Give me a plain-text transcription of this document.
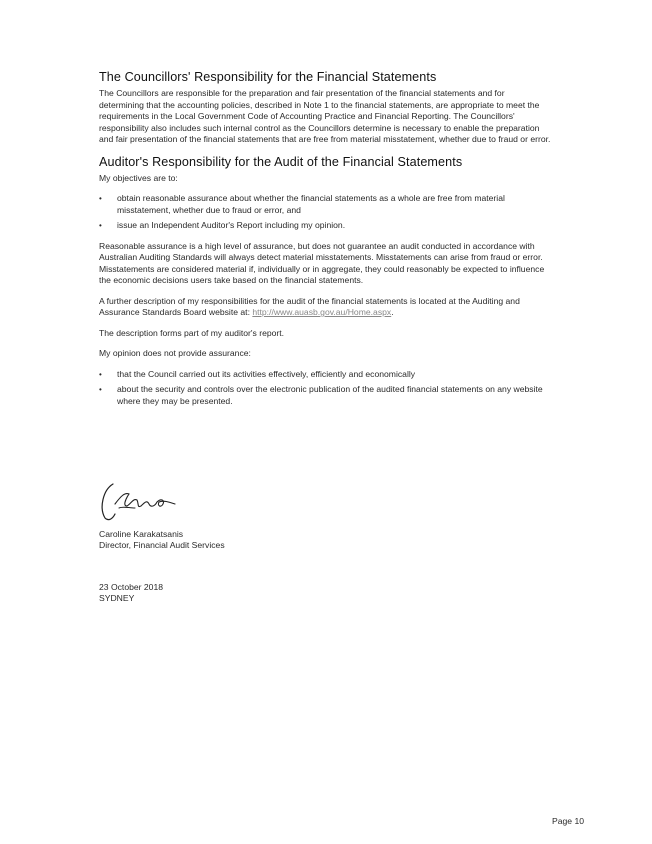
The Councillors' Responsibility for the Financial Statements

The Councillors are responsible for the preparation and fair presentation of the financial statements and for determining that the accounting policies, described in Note 1 to the financial statements, are appropriate to meet the requirements in the Local Government Code of Accounting Practice and Financial Reporting. The Councillors' responsibility also includes such internal control as the Councillors determine is necessary to enable the preparation and fair presentation of the financial statements that are free from material misstatement, whether due to fraud or error.

Auditor's Responsibility for the Audit of the Financial Statements

My objectives are to:

• obtain reasonable assurance about whether the financial statements as a whole are free from material misstatement, whether due to fraud or error, and
• issue an Independent Auditor's Report including my opinion.

Reasonable assurance is a high level of assurance, but does not guarantee an audit conducted in accordance with Australian Auditing Standards will always detect material misstatements. Misstatements can arise from fraud or error. Misstatements are considered material if, individually or in aggregate, they could reasonably be expected to influence the economic decisions users take based on the financial statements.

A further description of my responsibilities for the audit of the financial statements is located at the Auditing and Assurance Standards Board website at: http://www.auasb.gov.au/Home.aspx.

The description forms part of my auditor's report.

My opinion does not provide assurance:

• that the Council carried out its activities effectively, efficiently and economically
• about the security and controls over the electronic publication of the audited financial statements on any website where they may be presented.
Caroline Karakatsanis
Director, Financial Audit Services
23 October 2018
SYDNEY
Page 10
